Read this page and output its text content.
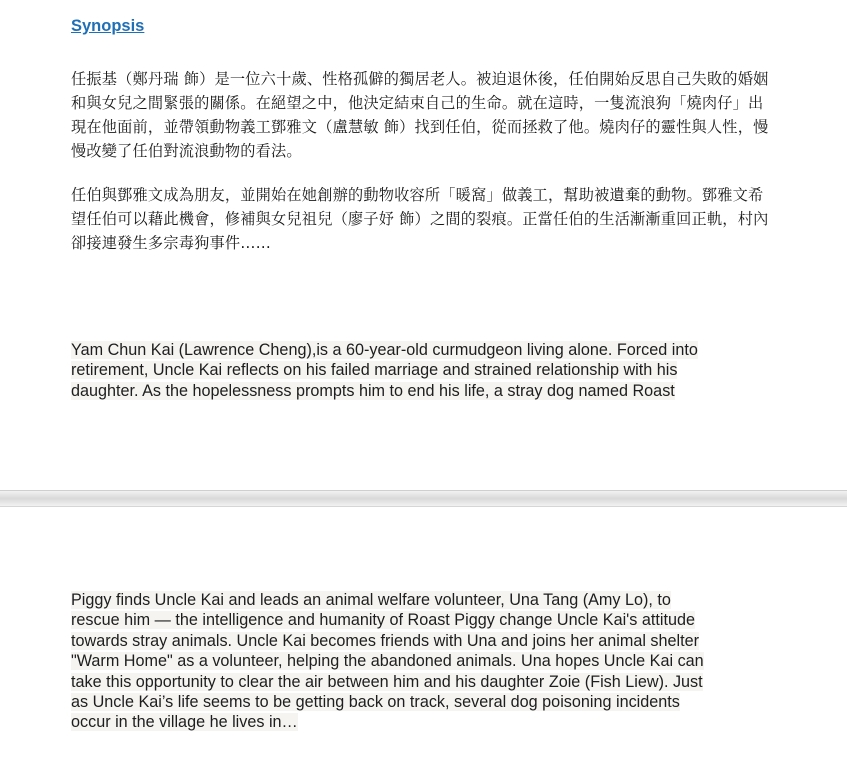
Synopsis

任振基（鄭丹瑞 飾）是一位六十歲、性格孤僻的獨居老人。被迫退休後，任伯開始反思自己失敗的婚姻和與女兒之間緊張的關係。在絕望之中，他決定結束自己的生命。就在這時，一隻流浪狗「燒肉仔」出現在他面前，並帶領動物義工鄧雅文（盧慧敏 飾）找到任伯，從而拯救了他。燒肉仔的靈性與人性，慢慢改變了任伯對流浪動物的看法。

任伯與鄧雅文成為朋友，並開始在她創辦的動物收容所「暖窩」做義工，幫助被遺棄的動物。鄧雅文希望任伯可以藉此機會，修補與女兒祖兒（廖子妤 飾）之間的裂痕。正當任伯的生活漸漸重回正軌，村內卻接連發生多宗毒狗事件……

Yam Chun Kai (Lawrence Cheng),is a 60-year-old curmudgeon living alone. Forced into
retirement, Uncle Kai reflects on his failed marriage and strained relationship with his
daughter. As the hopelessness prompts him to end his life, a stray dog named Roast

Piggy finds Uncle Kai and leads an animal welfare volunteer, Una Tang (Amy Lo), to
rescue him — the intelligence and humanity of Roast Piggy change Uncle Kai's attitude
towards stray animals. Uncle Kai becomes friends with Una and joins her animal shelter
"Warm Home" as a volunteer, helping the abandoned animals. Una hopes Uncle Kai can
take this opportunity to clear the air between him and his daughter Zoie (Fish Liew). Just
as Uncle Kai’s life seems to be getting back on track, several dog poisoning incidents
occur in the village he lives in…
